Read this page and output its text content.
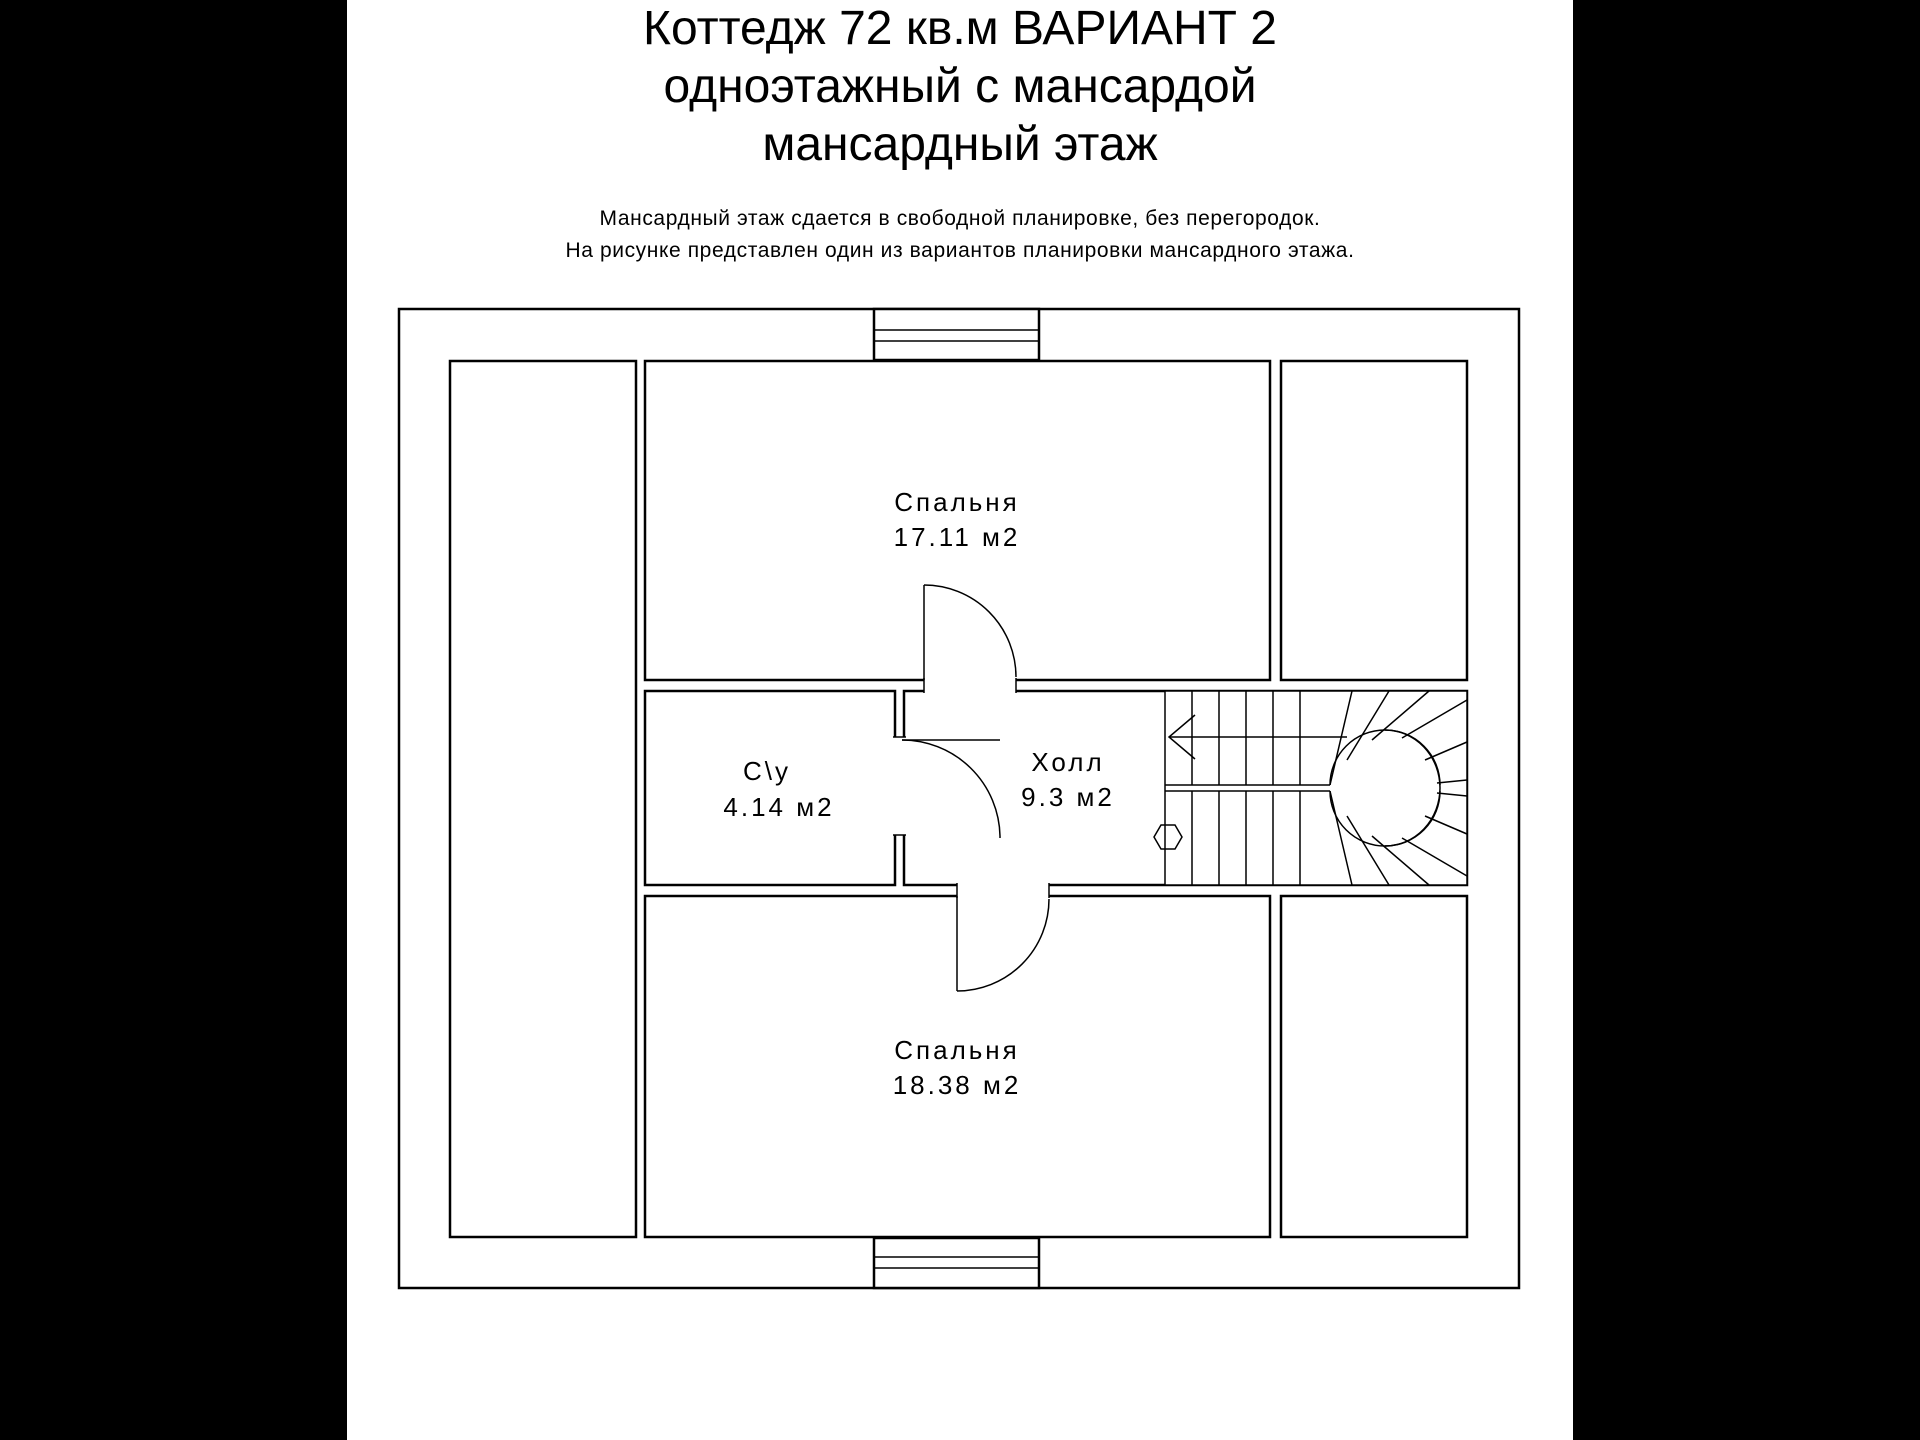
Коттедж 72 кв.м ВАРИАНТ 2
одноэтажный с мансардой
мансардный этаж

Мансардный этаж сдается в свободной планировке, без перегородок.

На рисунке представлен один из вариантов планировки мансардного этажа.

Спальня
17.11 м2
С\у
4.14 м2
Холл
9.3 м2
Спальня
18.38 м2
